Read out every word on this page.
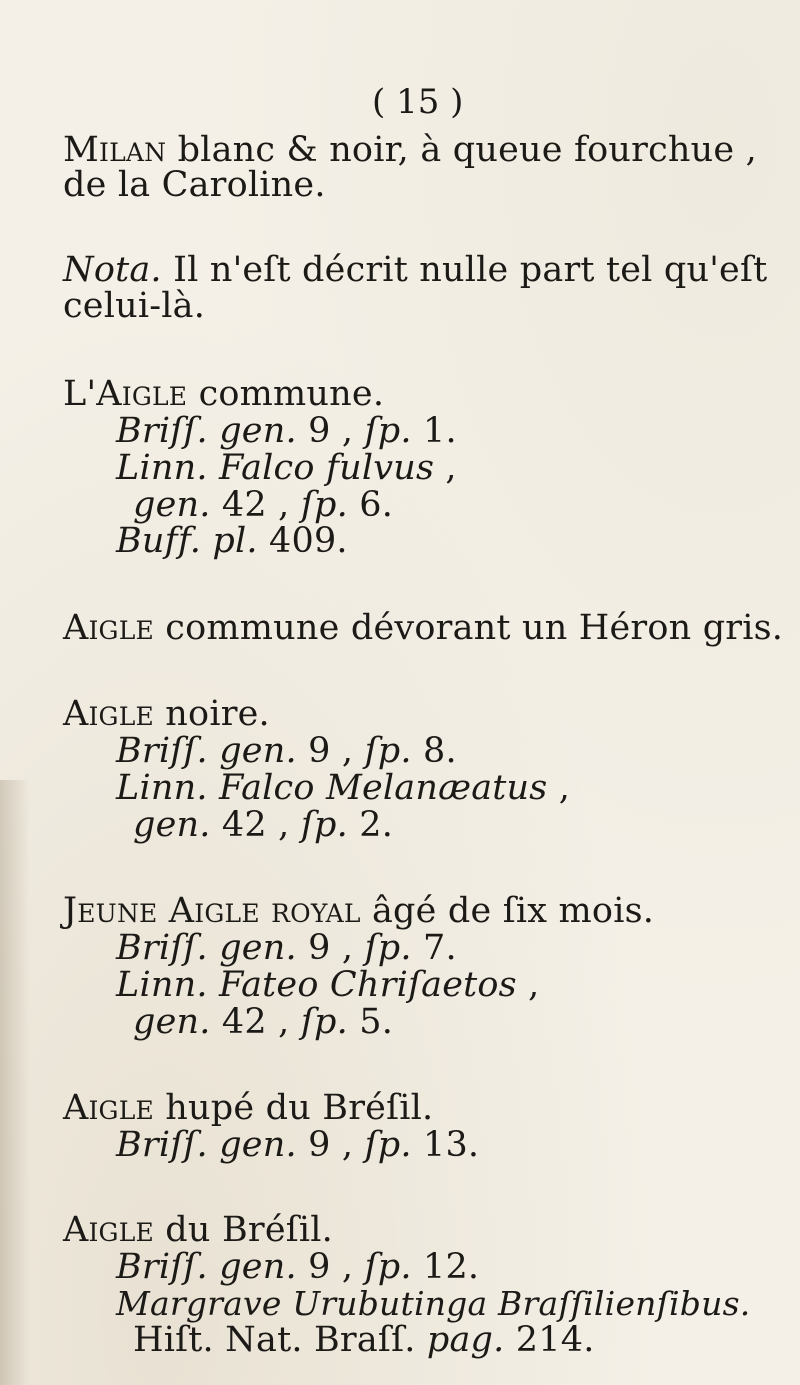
( 15 )
Milan blanc & noir, à queue fourchue ,
de la Caroline.
Nota. Il n'eſt décrit nulle part tel qu'eſt
celui-là.
L'Aigle commune.
Briſſ. gen. 9 , ſp. 1.
Linn. Falco fulvus ,
gen. 42 , ſp. 6.
Buff. pl. 409.
Aigle commune dévorant un Héron gris.
Aigle noire.
Briſſ. gen. 9 , ſp. 8.
Linn. Falco Melanæatus ,
gen. 42 , ſp. 2.
Jeune Aigle royal âgé de ſix mois.
Briſſ. gen. 9 , ſp. 7.
Linn. Fateo Chriſaetos ,
gen. 42 , ſp. 5.
Aigle hupé du Bréſil.
Briſſ. gen. 9 , ſp. 13.
Aigle du Bréſil.
Briſſ. gen. 9 , ſp. 12.
Margrave Urubutinga Braſſilienſibus.
Hiſt. Nat. Braſſ. pag. 214.
